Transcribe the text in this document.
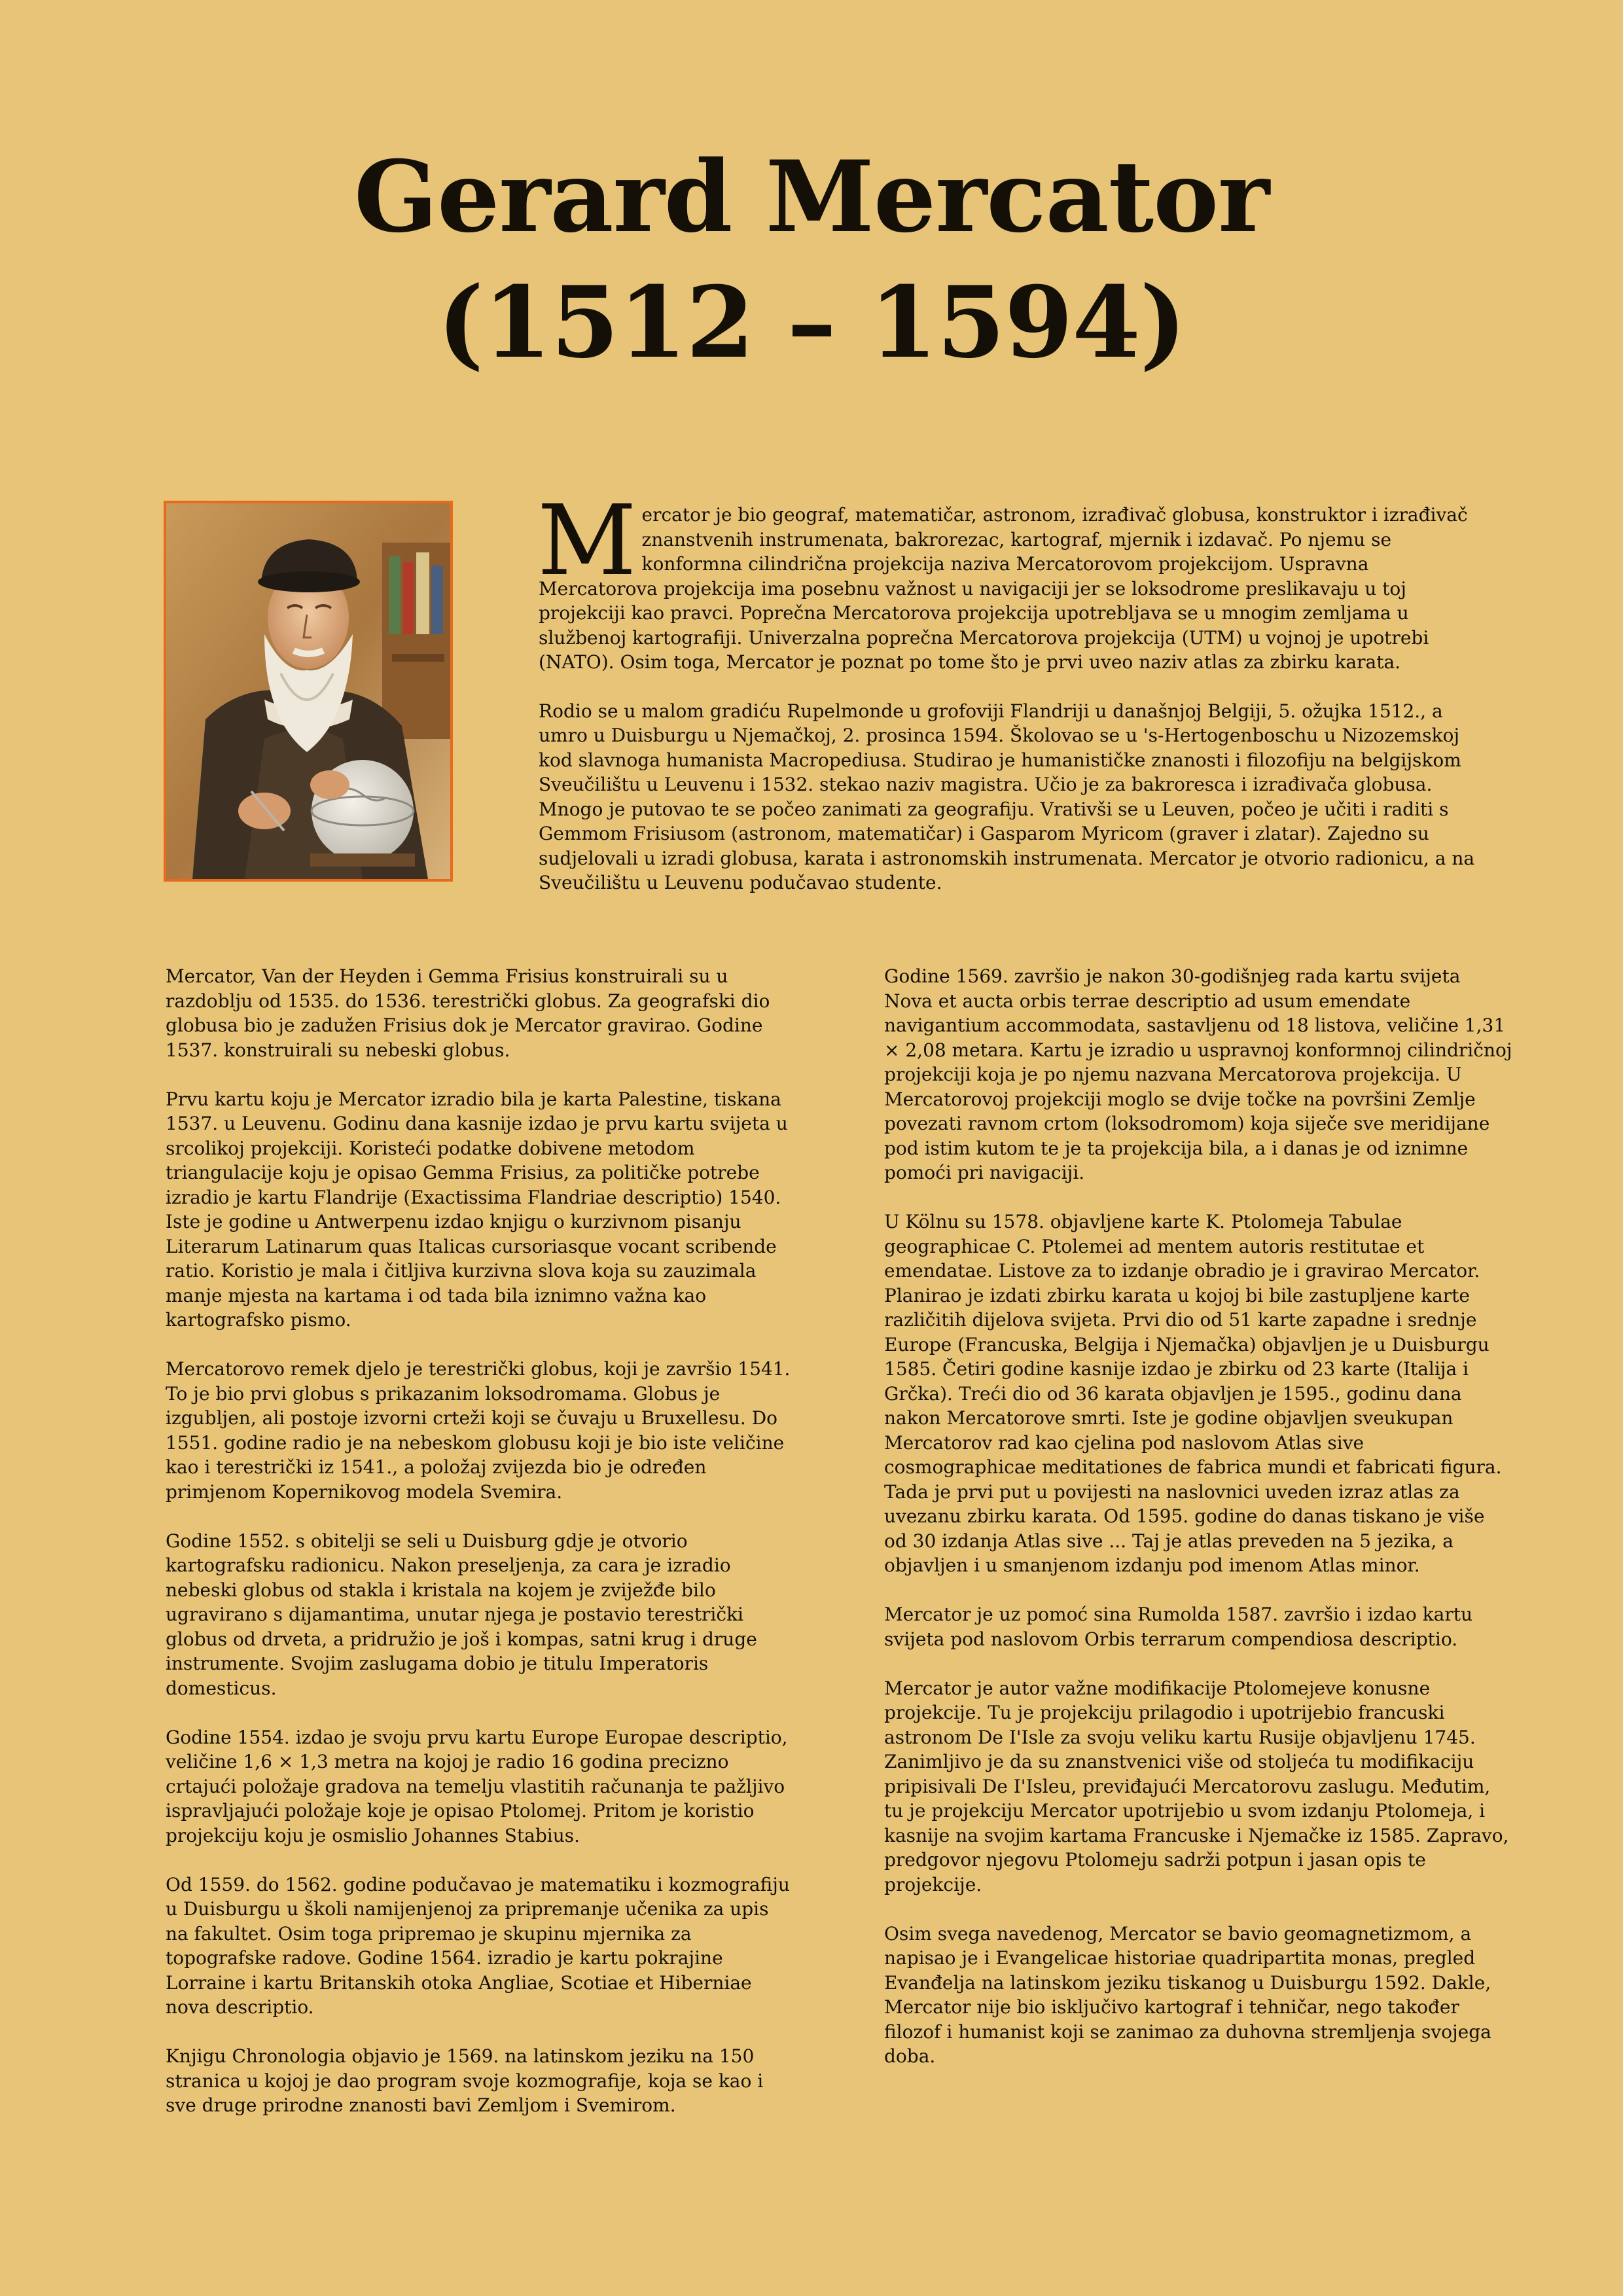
Gerard Mercator
(1512 – 1594)

Mercator je bio geograf, matematičar, astronom, izrađivač globusa, konstruktor i izrađivač znanstvenih instrumenata, bakrorezac, kartograf, mjernik i izdavač. Po njemu se konformna cilindrična projekcija naziva Mercatorovom projekcijom. Uspravna Mercatorova projekcija ima posebnu važnost u navigaciji jer se loksodrome preslikavaju u toj projekciji kao pravci. Poprečna Mercatorova projekcija upotrebljava se u mnogim zemljama u službenoj kartografiji. Univerzalna poprečna Mercatorova projekcija (UTM) u vojnoj je upotrebi (NATO). Osim toga, Mercator je poznat po tome što je prvi uveo naziv atlas za zbirku karata.

Rodio se u malom gradiću Rupelmonde u grofoviji Flandriji u današnjoj Belgiji, 5. ožujka 1512., a umro u Duisburgu u Njemačkoj, 2. prosinca 1594. Školovao se u 's-Hertogenboschu u Nizozemskoj kod slavnoga humanista Macropediusa. Studirao je humanističke znanosti i filozofiju na belgijskom Sveučilištu u Leuvenu i 1532. stekao naziv magistra. Učio je za bakroresca i izrađivača globusa. Mnogo je putovao te se počeo zanimati za geografiju. Vrativši se u Leuven, počeo je učiti i raditi s Gemmom Frisiusom (astronom, matematičar) i Gasparom Myricom (graver i zlatar). Zajedno su sudjelovali u izradi globusa, karata i astronomskih instrumenata. Mercator je otvorio radionicu, a na Sveučilištu u Leuvenu podučavao studente.

Mercator, Van der Heyden i Gemma Frisius konstruirali su u razdoblju od 1535. do 1536. terestrički globus. Za geografski dio globusa bio je zadužen Frisius dok je Mercator gravirao. Godine 1537. konstruirali su nebeski globus.

Prvu kartu koju je Mercator izradio bila je karta Palestine, tiskana 1537. u Leuvenu. Godinu dana kasnije izdao je prvu kartu svijeta u srcolikoj projekciji. Koristeći podatke dobivene metodom triangulacije koju je opisao Gemma Frisius, za političke potrebe izradio je kartu Flandrije (Exactissima Flandriae descriptio) 1540. Iste je godine u Antwerpenu izdao knjigu o kurzivnom pisanju Literarum Latinarum quas Italicas cursoriasque vocant scribende ratio. Koristio je mala i čitljiva kurzivna slova koja su zauzimala manje mjesta na kartama i od tada bila iznimno važna kao kartografsko pismo.

Mercatorovo remek djelo je terestrički globus, koji je završio 1541. To je bio prvi globus s prikazanim loksodromama. Globus je izgubljen, ali postoje izvorni crteži koji se čuvaju u Bruxellesu. Do 1551. godine radio je na nebeskom globusu koji je bio iste veličine kao i terestrički iz 1541., a položaj zvijezda bio je određen primjenom Kopernikovog modela Svemira.

Godine 1552. s obitelji se seli u Duisburg gdje je otvorio kartografsku radionicu. Nakon preseljenja, za cara je izradio nebeski globus od stakla i kristala na kojem je zviježđe bilo ugravirano s dijamantima, unutar njega je postavio terestrički globus od drveta, a pridružio je još i kompas, satni krug i druge instrumente. Svojim zaslugama dobio je titulu Imperatoris domesticus.

Godine 1554. izdao je svoju prvu kartu Europe Europae descriptio, veličine 1,6 × 1,3 metra na kojoj je radio 16 godina precizno crtajući položaje gradova na temelju vlastitih računanja te pažljivo ispravljajući položaje koje je opisao Ptolomej. Pritom je koristio projekciju koju je osmislio Johannes Stabius.

Od 1559. do 1562. godine podučavao je matematiku i kozmografiju u Duisburgu u školi namijenjenoj za pripremanje učenika za upis na fakultet. Osim toga pripremao je skupinu mjernika za topografske radove. Godine 1564. izradio je kartu pokrajine Lorraine i kartu Britanskih otoka Angliae, Scotiae et Hiberniae nova descriptio.

Knjigu Chronologia objavio je 1569. na latinskom jeziku na 150 stranica u kojoj je dao program svoje kozmografije, koja se kao i sve druge prirodne znanosti bavi Zemljom i Svemirom.

Godine 1569. završio je nakon 30-godišnjeg rada kartu svijeta Nova et aucta orbis terrae descriptio ad usum emendate navigantium accommodata, sastavljenu od 18 listova, veličine 1,31 × 2,08 metara. Kartu je izradio u uspravnoj konformnoj cilindričnoj projekciji koja je po njemu nazvana Mercatorova projekcija. U Mercatorovoj projekciji moglo se dvije točke na površini Zemlje povezati ravnom crtom (loksodromom) koja siječe sve meridijane pod istim kutom te je ta projekcija bila, a i danas je od iznimne pomoći pri navigaciji.

U Kölnu su 1578. objavljene karte K. Ptolomeja Tabulae geographicae C. Ptolemei ad mentem autoris restitutae et emendatae. Listove za to izdanje obradio je i gravirao Mercator. Planirao je izdati zbirku karata u kojoj bi bile zastupljene karte različitih dijelova svijeta. Prvi dio od 51 karte zapadne i srednje Europe (Francuska, Belgija i Njemačka) objavljen je u Duisburgu 1585. Četiri godine kasnije izdao je zbirku od 23 karte (Italija i Grčka). Treći dio od 36 karata objavljen je 1595., godinu dana nakon Mercatorove smrti. Iste je godine objavljen sveukupan Mercatorov rad kao cjelina pod naslovom Atlas sive cosmographicae meditationes de fabrica mundi et fabricati figura. Tada je prvi put u povijesti na naslovnici uveden izraz atlas za uvezanu zbirku karata. Od 1595. godine do danas tiskano je više od 30 izdanja Atlas sive ... Taj je atlas preveden na 5 jezika, a objavljen i u smanjenom izdanju pod imenom Atlas minor.

Mercator je uz pomoć sina Rumolda 1587. završio i izdao kartu svijeta pod naslovom Orbis terrarum compendiosa descriptio.

Mercator je autor važne modifikacije Ptolomejeve konusne projekcije. Tu je projekciju prilagodio i upotrijebio francuski astronom De I'Isle za svoju veliku kartu Rusije objavljenu 1745. Zanimljivo je da su znanstvenici više od stoljeća tu modifikaciju pripisivali De I'Isleu, previđajući Mercatorovu zaslugu. Međutim, tu je projekciju Mercator upotrijebio u svom izdanju Ptolomeja, i kasnije na svojim kartama Francuske i Njemačke iz 1585. Zapravo, predgovor njegovu Ptolomeju sadrži potpun i jasan opis te projekcije.

Osim svega navedenog, Mercator se bavio geomagnetizmom, a napisao je i Evangelicae historiae quadripartita monas, pregled Evanđelja na latinskom jeziku tiskanog u Duisburgu 1592. Dakle, Mercator nije bio isključivo kartograf i tehničar, nego također filozof i humanist koji se zanimao za duhovna stremljenja svojega doba.
